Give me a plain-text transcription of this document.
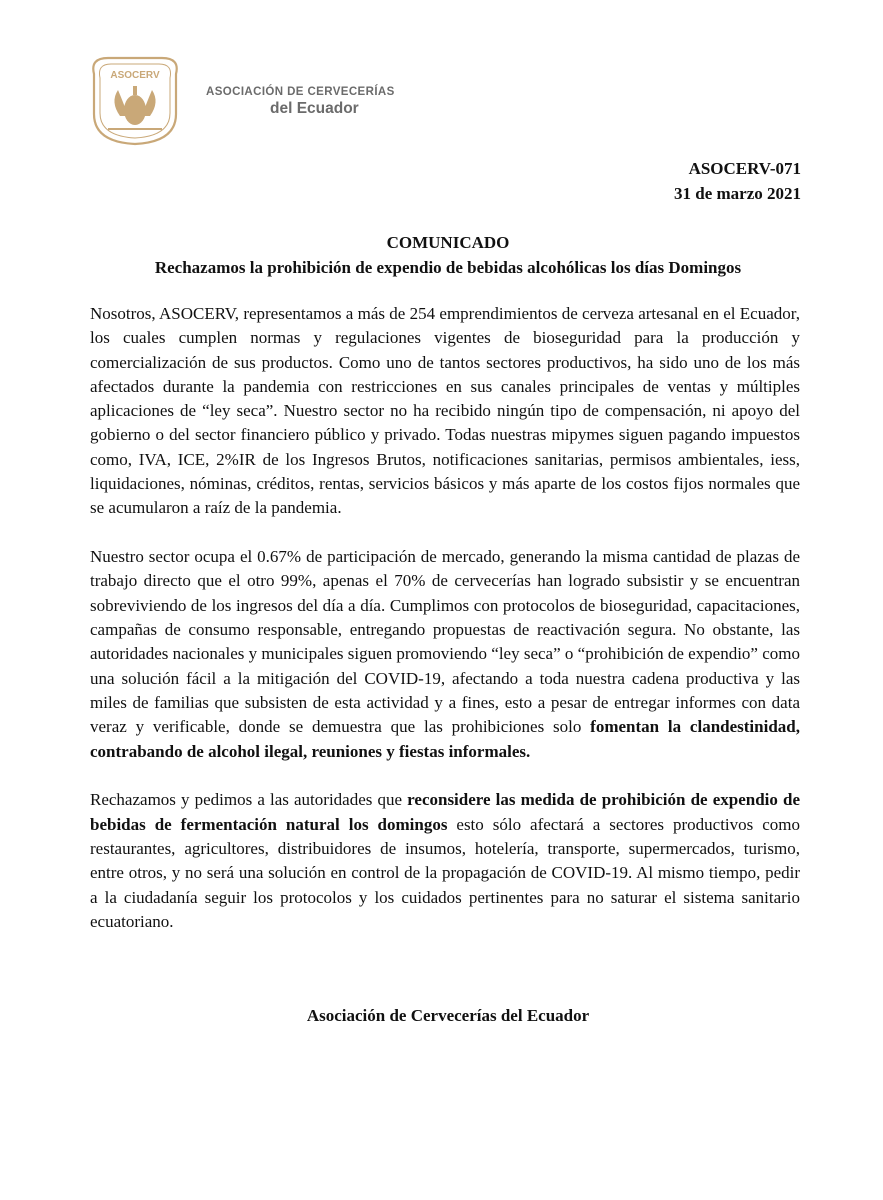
ASOCERV
ASOCIACIÓN DE CERVECERÍAS
del Ecuador
ASOCERV-071
31 de marzo 2021
COMUNICADO
Rechazamos la prohibición de expendio de bebidas alcohólicas los días Domingos

Nosotros, ASOCERV, representamos a más de 254 emprendimientos de cerveza artesanal en el Ecuador, los cuales cumplen normas y regulaciones vigentes de bioseguridad para la producción y comercialización de sus productos. Como uno de tantos sectores productivos, ha sido uno de los más afectados durante la pandemia con restricciones en sus canales principales de ventas y múltiples aplicaciones de “ley seca”. Nuestro sector no ha recibido ningún tipo de compensación, ni apoyo del gobierno o del sector financiero público y privado. Todas nuestras mipymes siguen pagando impuestos como, IVA, ICE, 2%IR de los Ingresos Brutos, notificaciones sanitarias, permisos ambientales, iess, liquidaciones, nóminas, créditos, rentas, servicios básicos y más aparte de los costos fijos normales que se acumularon a raíz de la pandemia.

Nuestro sector ocupa el 0.67% de participación de mercado, generando la misma cantidad de plazas de trabajo directo que el otro 99%, apenas el 70% de cervecerías han logrado subsistir y se encuentran sobreviviendo de los ingresos del día a día. Cumplimos con protocolos de bioseguridad, capacitaciones, campañas de consumo responsable, entregando propuestas de reactivación segura. No obstante, las autoridades nacionales y municipales siguen promoviendo “ley seca” o “prohibición de expendio” como una solución fácil a la mitigación del COVID-19, afectando a toda nuestra cadena productiva y las miles de familias que subsisten de esta actividad y a fines, esto a pesar de entregar informes con data veraz y verificable, donde se demuestra que las prohibiciones solo fomentan la clandestinidad, contrabando de alcohol ilegal, reuniones y fiestas informales.

Rechazamos y pedimos a las autoridades que reconsidere las medida de prohibición de expendio de bebidas de fermentación natural los domingos esto sólo afectará a sectores productivos como restaurantes, agricultores, distribuidores de insumos, hotelería, transporte, supermercados, turismo, entre otros, y no será una solución en control de la propagación de COVID-19. Al mismo tiempo, pedir a la ciudadanía seguir los protocolos y los cuidados pertinentes para no saturar el sistema sanitario ecuatoriano.

Asociación de Cervecerías del Ecuador
